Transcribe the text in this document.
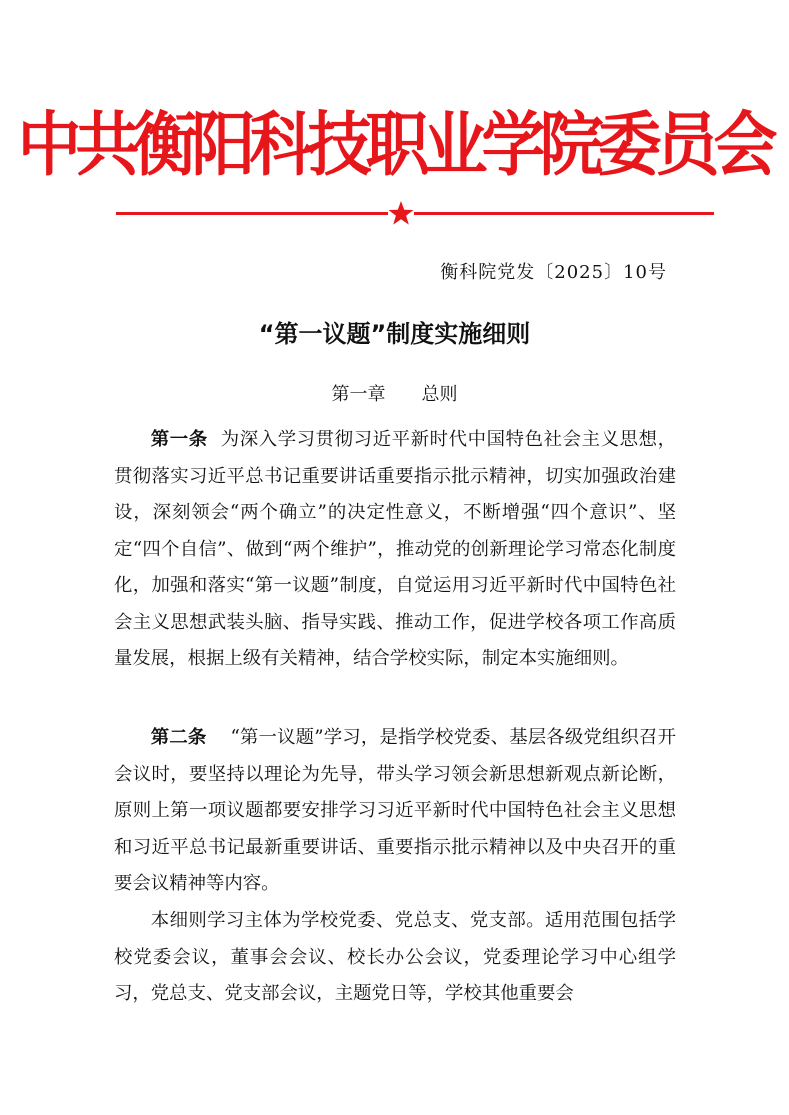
中共衡阳科技职业学院委员会
衡科院党发〔2025〕10号
“第一议题”制度实施细则
第一章　　总则

第一条 为深入学习贯彻习近平新时代中国特色社会主义思想，贯彻落实习近平总书记重要讲话重要指示批示精神，切实加强政治建设，深刻领会“两个确立”的决定性意义，不断增强“四个意识”、坚定“四个自信”、做到“两个维护”，推动党的创新理论学习常态化制度化，加强和落实“第一议题”制度，自觉运用习近平新时代中国特色社会主义思想武装头脑、指导实践、推动工作，促进学校各项工作高质量发展，根据上级有关精神，结合学校实际，制定本实施细则。

第二条 “第一议题”学习，是指学校党委、基层各级党组织召开会议时，要坚持以理论为先导，带头学习领会新思想新观点新论断，原则上第一项议题都要安排学习习近平新时代中国特色社会主义思想和习近平总书记最新重要讲话、重要指示批示精神以及中央召开的重要会议精神等内容。

本细则学习主体为学校党委、党总支、党支部。适用范围包括学校党委会议，董事会会议、校长办公会议，党委理论学习中心组学习，党总支、党支部会议，主题党日等，学校其他重要会
